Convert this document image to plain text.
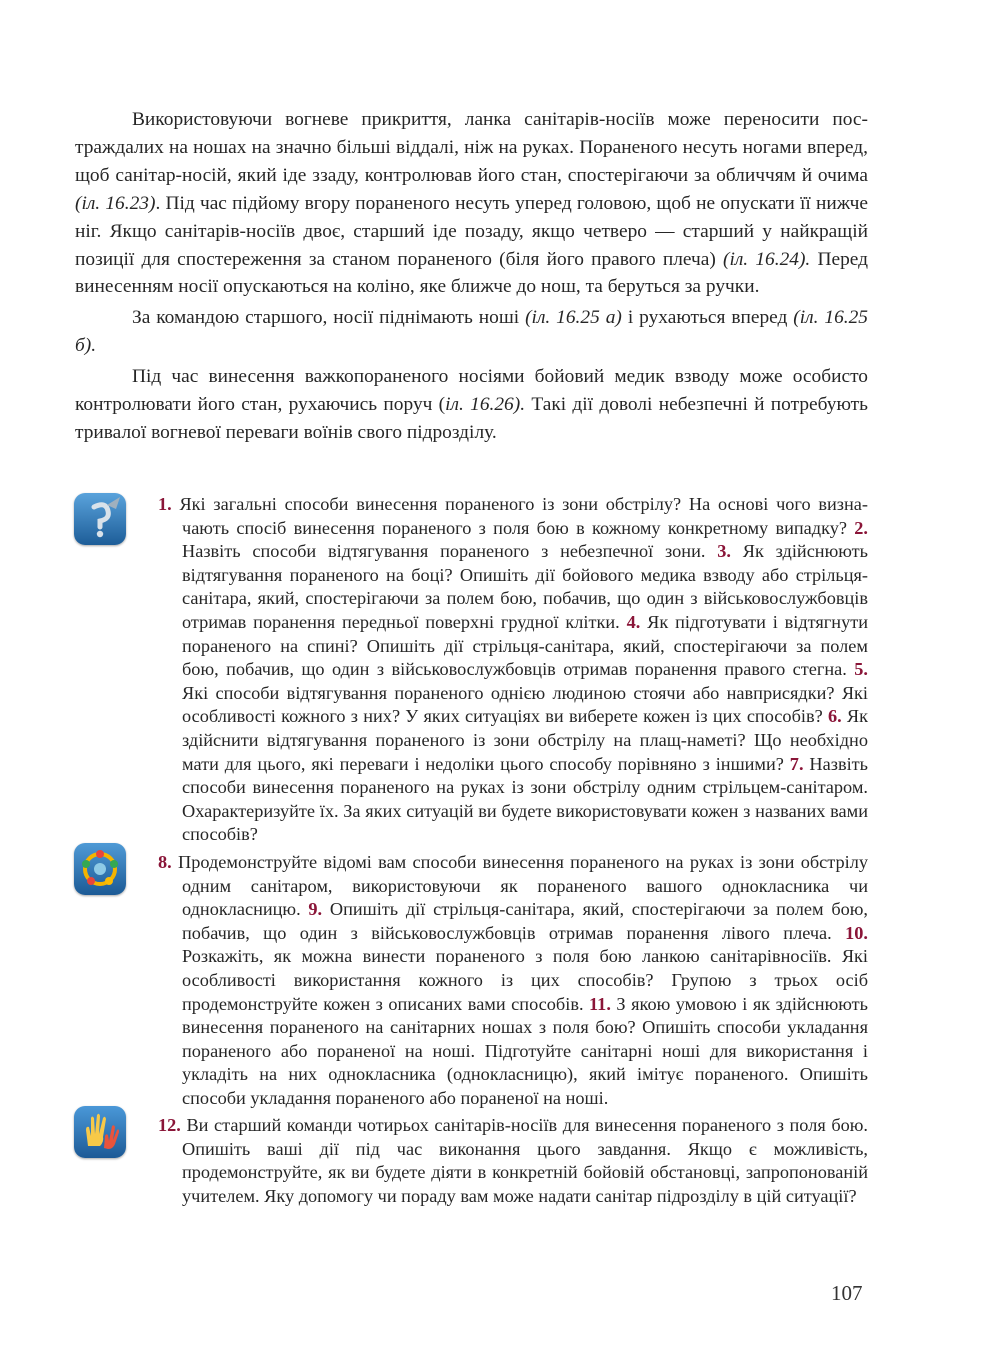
Використовуючи вогневе прикриття, ланка санітарів-носіїв може переносити постраждалих на ношах на значно більші віддалі, ніж на руках. Пораненого несуть ногами вперед, щоб санітар-носій, який іде ззаду, контролював його стан, спостерігаючи за обличчям й очима (іл. 16.23). Під час підйому вгору пораненого несуть уперед головою, щоб не опускати її нижче ніг. Якщо санітарів-носіїв двоє, старший іде позаду, якщо четверо — старший у найкращій позиції для спостереження за станом пораненого (біля його правого плеча) (іл. 16.24). Перед винесенням носії опускаються на коліно, яке ближче до нош, та беруться за ручки.

За командою старшого, носії піднімають ноші (іл. 16.25 а) і рухаються вперед (іл. 16.25 б).

Під час винесення важкопораненого носіями бойовий медик взводу може особисто контролювати його стан, рухаючись поруч (іл. 16.26). Такі дії доволі небезпечні й потребують тривалої вогневої переваги воїнів свого підрозділу.

1. Які загальні способи винесення пораненого із зони обстрілу? На основі чого визначають спосіб винесення пораненого з поля бою в кожному конкретному випадку? 2. Назвіть способи відтягування пораненого з небезпечної зони. 3. Як здійснюють відтягування пораненого на боці? Опишіть дії бойового медика взводу або стрільця-санітара, який, спостерігаючи за полем бою, побачив, що один з військовослужбовців отримав поранення передньої поверхні грудної клітки. 4. Як підготувати і відтягнути пораненого на спині? Опишіть дії стрільця-санітара, який, спостерігаючи за полем бою, побачив, що один з військовослужбовців отримав поранення правого стегна. 5. Які способи відтягування пораненого однією людиною стоячи або навприсядки? Які особливості кожного з них? У яких ситуаціях ви виберете кожен із цих способів? 6. Як здійснити відтягування пораненого із зони обстрілу на плащ-наметі? Що необхідно мати для цього, які переваги і недоліки цього способу порівняно з іншими? 7. Назвіть способи винесення пораненого на руках із зони обстрілу одним стрільцем-санітаром. Охарактеризуйте їх. За яких ситуацій ви будете використовувати кожен з названих вами способів?

8. Продемонструйте відомі вам способи винесення пораненого на руках із зони обстрілу одним санітаром, використовуючи як пораненого вашого однокласника чи однокласницю. 9. Опишіть дії стрільця-санітара, який, спостерігаючи за полем бою, побачив, що один з військовослужбовців отримав поранення лівого плеча. 10. Розкажіть, як можна винести пораненого з поля бою ланкою санітарівносіїв. Які особливості використання кожного із цих способів? Групою з трьох осіб продемонструйте кожен з описаних вами способів. 11. З якою умовою і як здійснюють винесення пораненого на санітарних ношах з поля бою? Опишіть способи укладання пораненого або пораненої на ноші. Підготуйте санітарні ноші для використання і укладіть на них однокласника (однокласницю), який імітує пораненого. Опишіть способи укладання пораненого або пораненої на ноші.

12. Ви старший команди чотирьох санітарів-носіїв для винесення пораненого з поля бою. Опишіть ваші дії під час виконання цього завдання. Якщо є можливість, продемонструйте, як ви будете діяти в конкретній бойовій обстановці, запропонованій учителем. Яку допомогу чи пораду вам може надати санітар підрозділу в цій ситуації?

107
